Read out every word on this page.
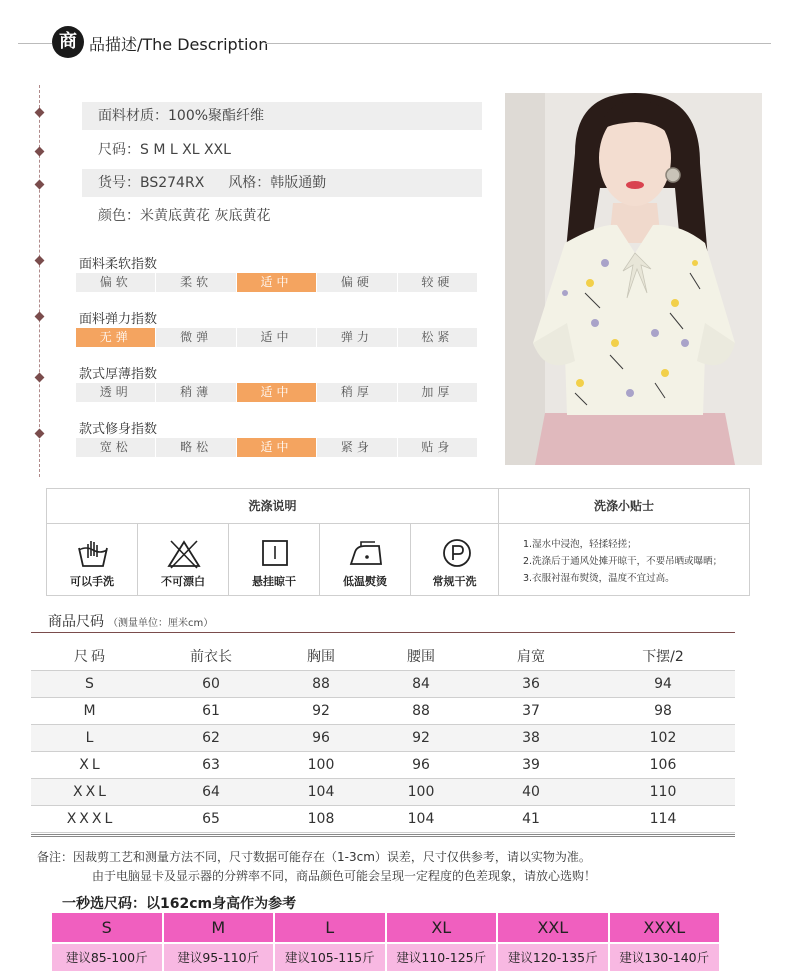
商 品描述/The Description
面料材质：100%聚酯纤维
尺码：S M L XL XXL
货号：BS274RX 风格：韩版通勤
颜色：米黄底黄花 灰底黄花
面料柔软指数
偏软	柔软	适中	偏硬	较硬
面料弹力指数
无弹	微弹	适中	弹力	松紧
款式厚薄指数
透明	稍薄	适中	稍厚	加厚
款式修身指数
宽松	略松	适中	紧身	贴身
洗涤说明	洗涤小贴士
可以手洗	不可漂白	悬挂晾干	低温熨烫	常规干洗
1.湿水中浸泡，轻揉轻搓；
2.洗涤后于通风处摊开晾干，不要吊晒或曝晒；
3.衣服衬湿布熨烫，温度不宜过高。
商品尺码 （测量单位：厘米cm）
尺码	前衣长	胸围	腰围	肩宽	下摆/2
S	60	88	84	36	94
M	61	92	88	37	98
L	62	96	92	38	102
XL	63	100	96	39	106
XXL	64	104	100	40	110
XXXL	65	108	104	41	114
备注：因裁剪工艺和测量方法不同，尺寸数据可能存在（1-3cm）误差，尺寸仅供参考，请以实物为准。
由于电脑显卡及显示器的分辨率不同，商品颜色可能会呈现一定程度的色差现象，请放心选购！
一秒选尺码：以162cm身高作为参考
S	M	L	XL	XXL	XXXL
建议85-100斤	建议95-110斤	建议105-115斤	建议110-125斤	建议120-135斤	建议130-140斤
